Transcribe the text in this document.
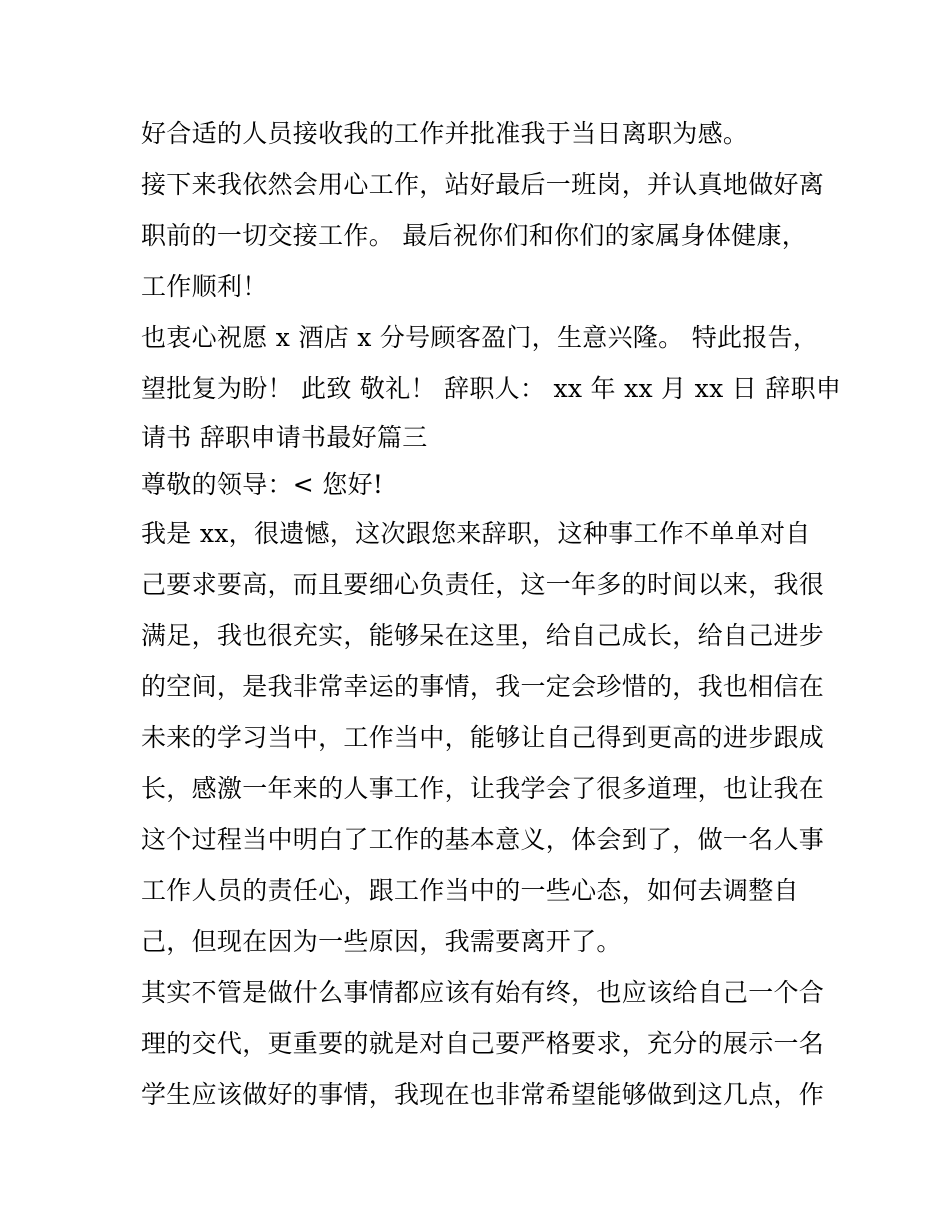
好合适的人员接收我的工作并批准我于当日离职为感。
接下来我依然会用心工作，站好最后一班岗，并认真地做好离
职前的一切交接工作。 最后祝你们和你们的家属身体健康，
工作顺利！
也衷心祝愿 x 酒店 x 分号顾客盈门，生意兴隆。 特此报告，
望批复为盼！ 此致 敬礼！ 辞职人： xx 年 xx 月 xx 日 辞职申
请书 辞职申请书最好篇三
尊敬的领导：< 您好!
我是 xx，很遗憾，这次跟您来辞职，这种事工作不单单对自
己要求要高，而且要细心负责任，这一年多的时间以来，我很
满足，我也很充实，能够呆在这里，给自己成长，给自己进步
的空间，是我非常幸运的事情，我一定会珍惜的，我也相信在
未来的学习当中，工作当中，能够让自己得到更高的进步跟成
长，感激一年来的人事工作，让我学会了很多道理，也让我在
这个过程当中明白了工作的基本意义，体会到了，做一名人事
工作人员的责任心，跟工作当中的一些心态，如何去调整自
己，但现在因为一些原因，我需要离开了。
其实不管是做什么事情都应该有始有终，也应该给自己一个合
理的交代，更重要的就是对自己要严格要求，充分的展示一名
学生应该做好的事情，我现在也非常希望能够做到这几点，作
